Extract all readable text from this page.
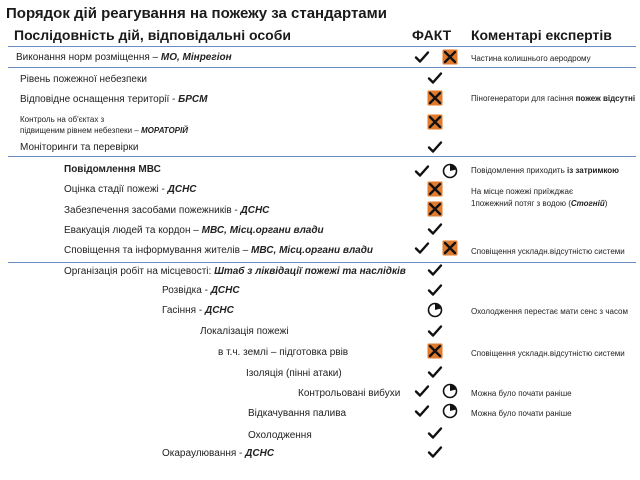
Порядок дій реагування на пожежу за стандартами
Послідовність дій, відповідальні особи	ФАКТ Коментарі експертів
Виконання норм розміщення – МО, Мінрегіон	Частина колишнього аеродрому
Рівень пожежної небезпеки
Відповідне оснащення території - БРСМ	Піногенератори для гасіння пожеж відсутні
Контроль на об'єктах з
підвищеним рівнем небезпеки – МОРАТОРІЙ
Моніторинги та перевірки
Повідомлення МВС	Повідомлення приходить із затримкою
Оцінка стадії пожежі - ДСНС	На місце пожежі приїжджає
1пожежний потяг з водою (Стогній)
Забезпечення засобами пожежників - ДСНС
Евакуація людей та кордон – МВС, Місц.органи влади
Сповіщення та інформування жителів – МВС, Місц.органи влади	Сповіщення ускладн.відсутністю системи
Організація робіт на місцевості: Штаб з ліквідації пожежі та наслідків
Розвідка - ДСНС
Гасіння - ДСНС	Охолодження перестає мати сенс з часом
Локалізація пожежі
в т.ч. землі – підготовка рвів	Сповіщення ускладн.відсутністю системи
Ізоляція (пінні атаки)
Контрольовані вибухи	Можна було почати раніше
Відкачування палива	Можна було почати раніше
Охолодження
Окараулювання - ДСНС
